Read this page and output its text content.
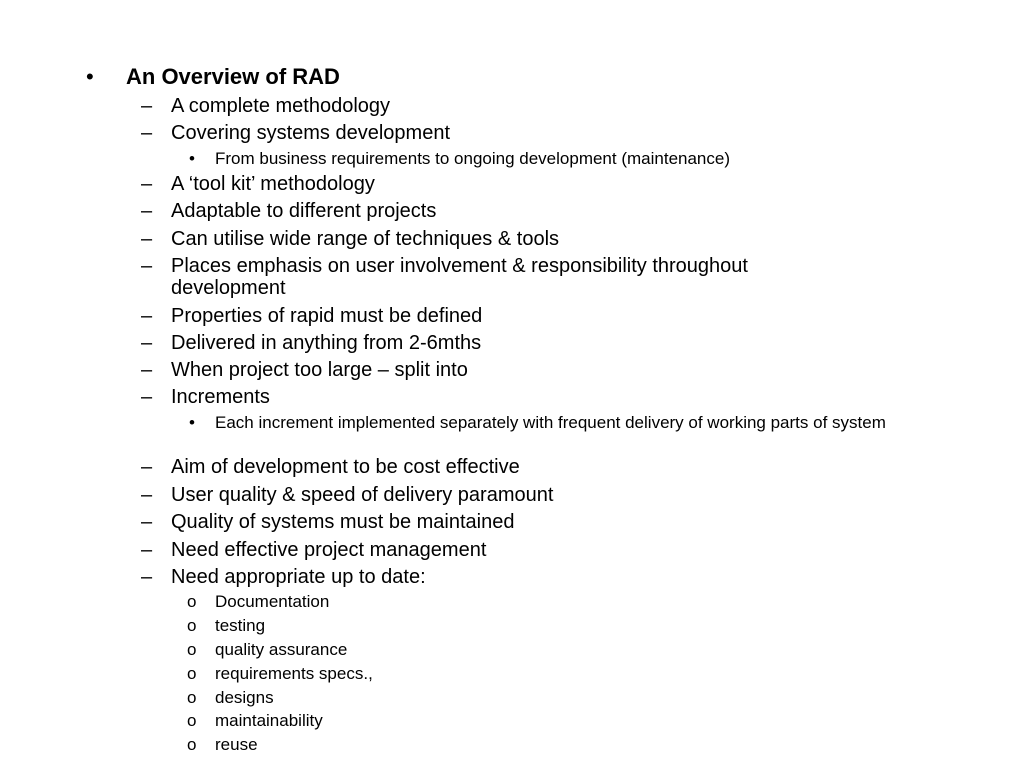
• An Overview of RAD
– A complete methodology
– Covering systems development
• From business requirements to ongoing development (maintenance)
– A ‘tool kit’ methodology
– Adaptable to different projects
– Can utilise wide range of techniques & tools
– Places emphasis on user involvement & responsibility throughout development
– Properties of rapid must be defined
– Delivered in anything from 2-6mths
– When project too large – split into
– Increments
• Each increment implemented separately with frequent delivery of working parts of system
– Aim of development to be cost effective
– User quality & speed of delivery paramount
– Quality of systems must be maintained
– Need effective project management
– Need appropriate up to date:
o Documentation
o testing
o quality assurance
o requirements specs.,
o designs
o maintainability
o reuse
